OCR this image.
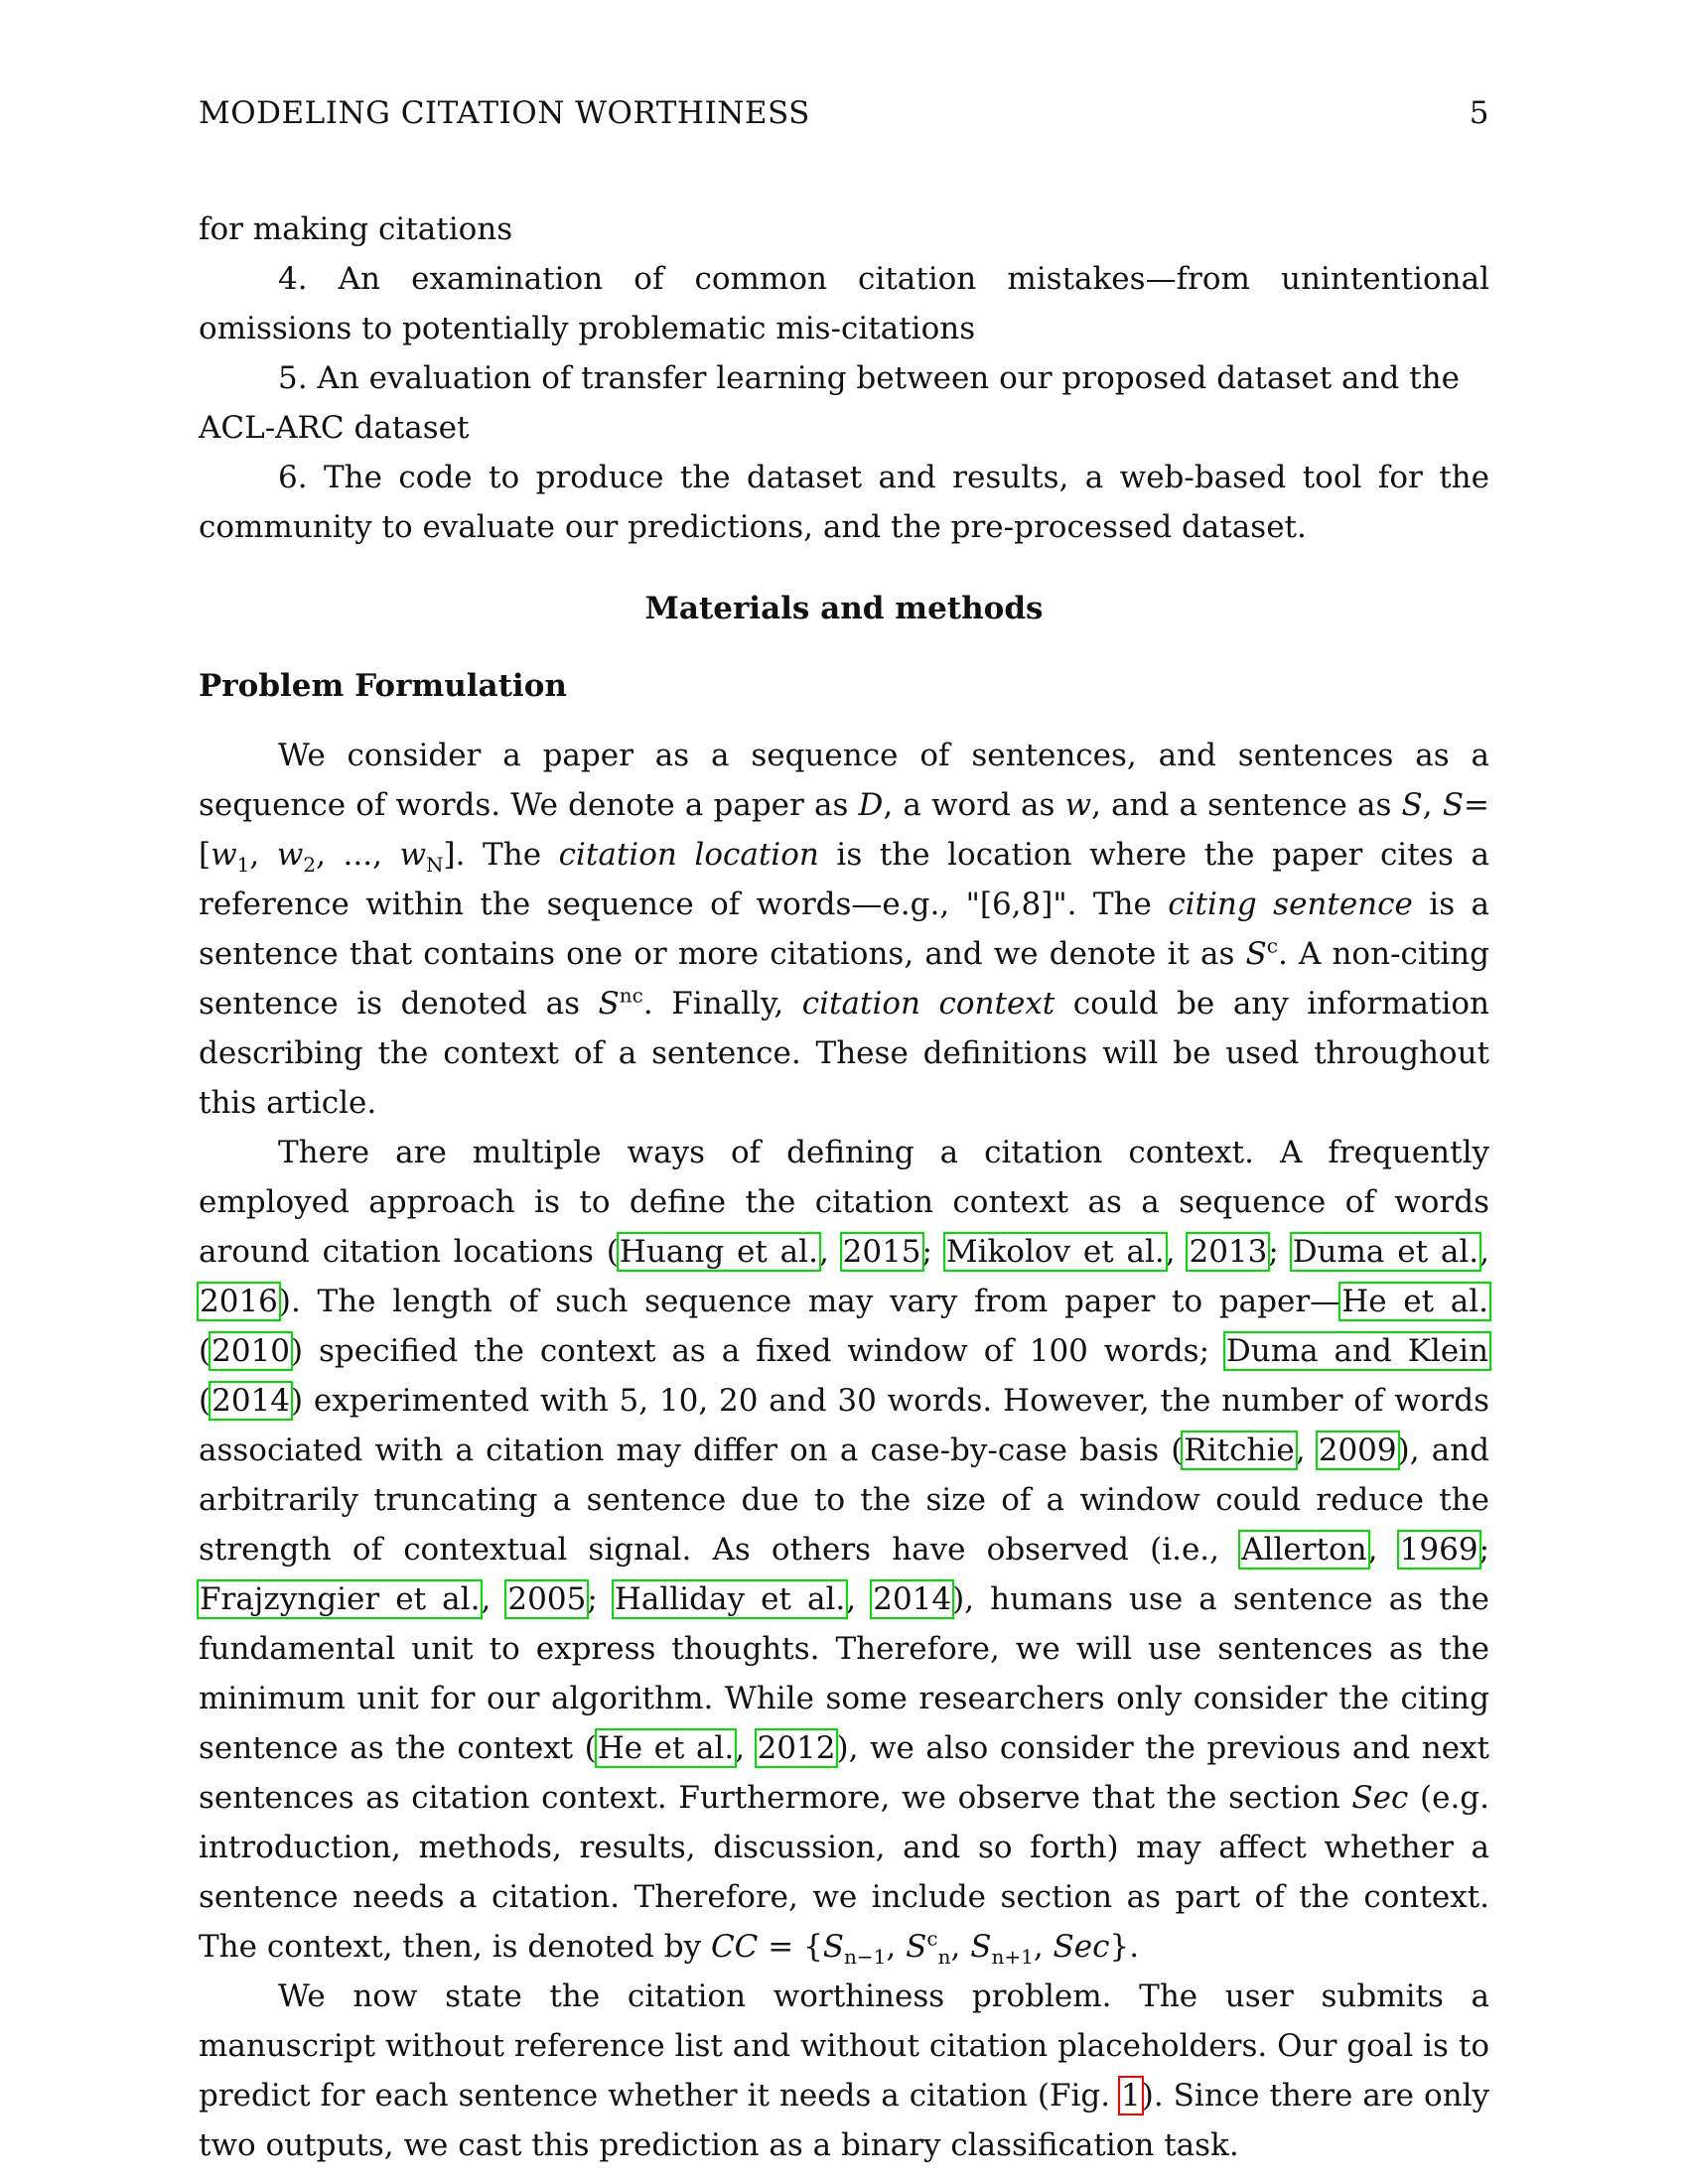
MODELING CITATION WORTHINESS	5

for making citations

4. An examination of common citation mistakes—from unintentional omissions to potentially problematic mis-citations

5. An evaluation of transfer learning between our proposed dataset and the ACL-ARC dataset

6. The code to produce the dataset and results, a web-based tool for the community to evaluate our predictions, and the pre-processed dataset.

Materials and methods
Problem Formulation

We consider a paper as a sequence of sentences, and sentences as a sequence of words. We denote a paper as D, a word as w, and a sentence as S, $S= [w_1$, $w_2$, ..., $w_N$]. The citation location is the location where the paper cites a reference within the sequence of words—e.g., "[6,8]". The citing sentence is a sentence that contains one or more citations, and we denote it as $S^c$. A non-citing sentence is denoted as $S^{nc}$. Finally, citation context could be any information describing the context of a sentence. These definitions will be used throughout this article.

There are multiple ways of defining a citation context. A frequently employed approach is to define the citation context as a sequence of words around citation locations (Huang et al., 2015; Mikolov et al., 2013; Duma et al., 2016). The length of such sequence may vary from paper to paper—He et al. (2010) specified the context as a fixed window of 100 words; Duma and Klein (2014) experimented with 5, 10, 20 and 30 words. However, the number of words associated with a citation may differ on a case-by-case basis (Ritchie, 2009), and arbitrarily truncating a sentence due to the size of a window could reduce the strength of contextual signal. As others have observed (i.e., Allerton, 1969; Frajzyngier et al., 2005; Halliday et al., 2014), humans use a sentence as the fundamental unit to express thoughts. Therefore, we will use sentences as the minimum unit for our algorithm. While some researchers only consider the citing sentence as the context (He et al., 2012), we also consider the previous and next sentences as citation context. Furthermore, we observe that the section Sec (e.g. introduction, methods, results, discussion, and so forth) may affect whether a sentence needs a citation. Therefore, we include section as part of the context. The context, then, is denoted by CC = {$S_{n-1}$, $S^c_n$, $S_{n+1}$, Sec}.

We now state the citation worthiness problem. The user submits a manuscript without reference list and without citation placeholders. Our goal is to predict for each sentence whether it needs a citation (Fig. 1). Since there are only two outputs, we cast this prediction as a binary classification task.
